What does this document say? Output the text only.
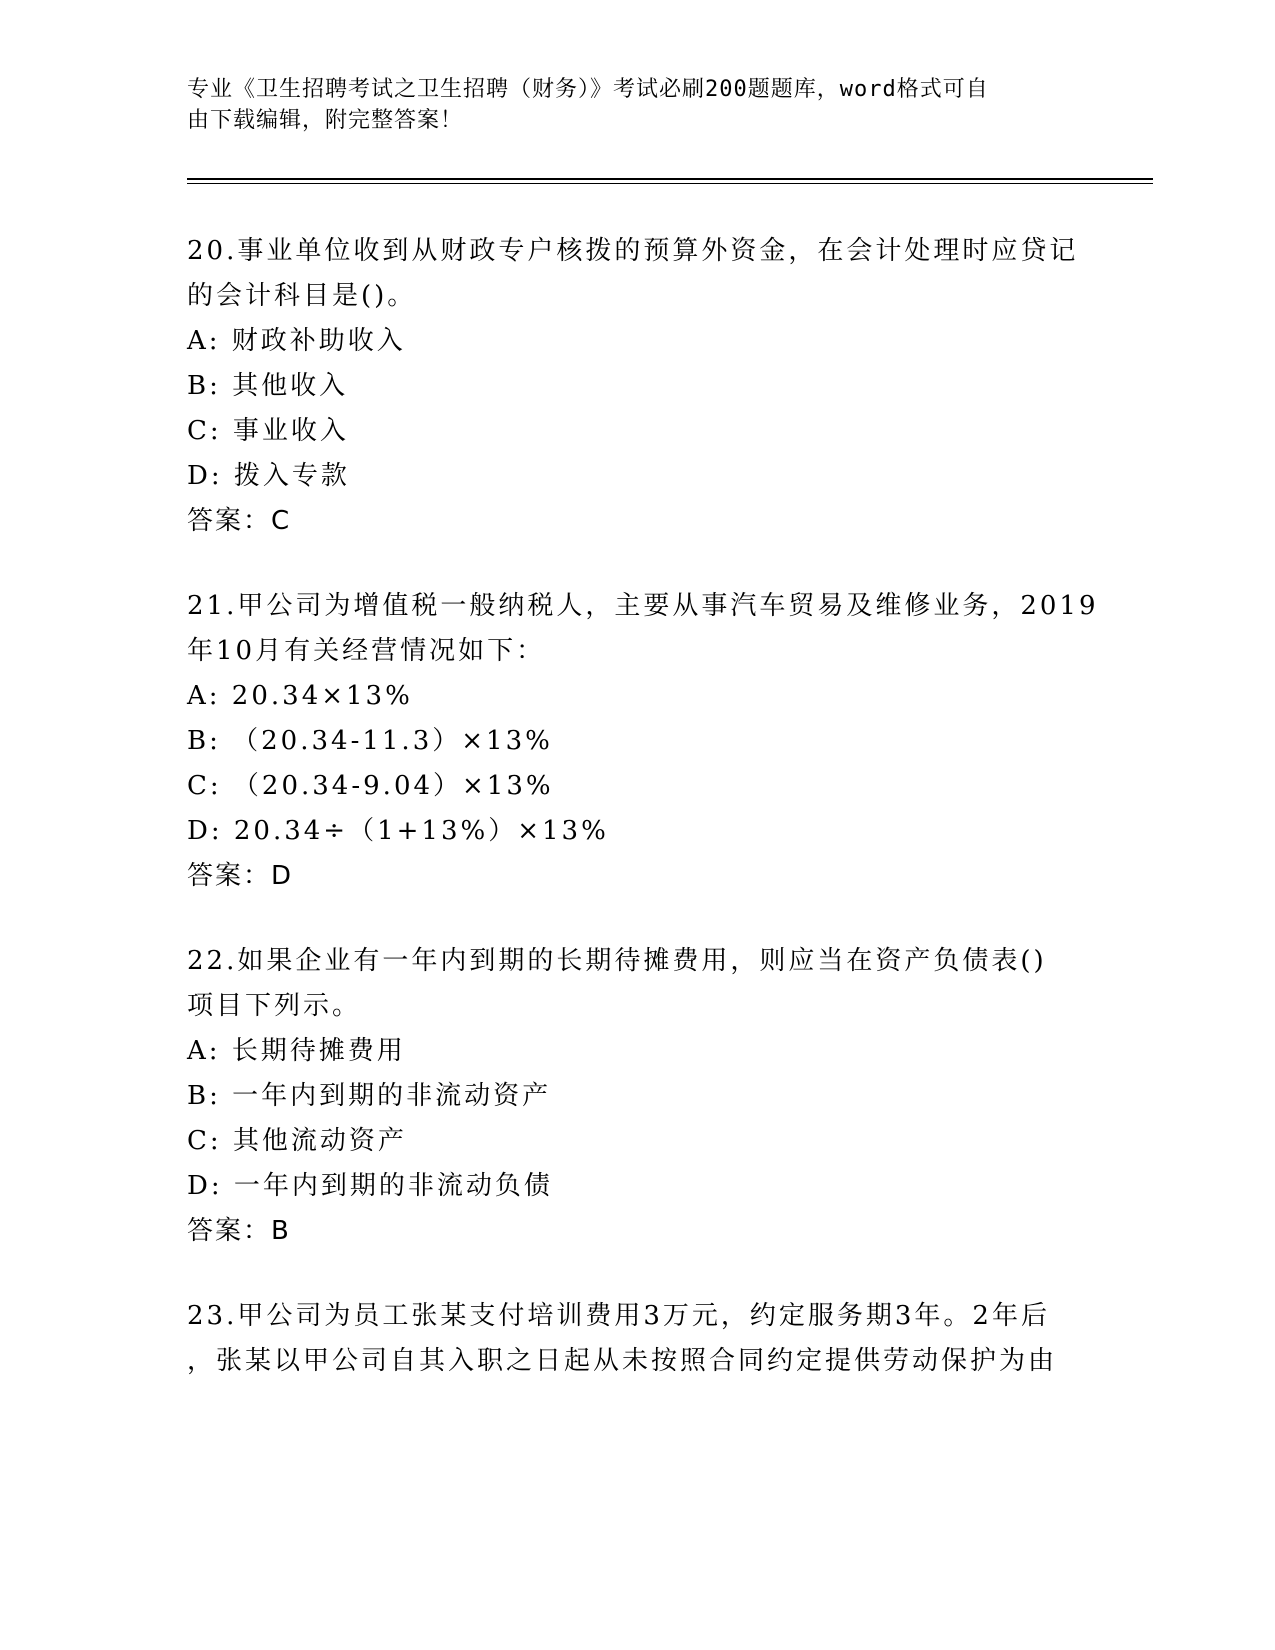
专业《卫生招聘考试之卫生招聘（财务）》考试必刷200题题库，word格式可自
由下载编辑，附完整答案！
20.事业单位收到从财政专户核拨的预算外资金，在会计处理时应贷记
的会计科目是()。
A: 财政补助收入
B: 其他收入
C: 事业收入
D: 拨入专款
答案：C
21.甲公司为增值税一般纳税人，主要从事汽车贸易及维修业务，2019
年10月有关经营情况如下：
A: 20.34×13%
B: （20.34-11.3）×13%
C: （20.34-9.04）×13%
D: 20.34÷（1+13%）×13%
答案：D
22.如果企业有一年内到期的长期待摊费用，则应当在资产负债表()
项目下列示。
A: 长期待摊费用
B: 一年内到期的非流动资产
C: 其他流动资产
D: 一年内到期的非流动负债
答案：B
23.甲公司为员工张某支付培训费用3万元，约定服务期3年。2年后
，张某以甲公司自其入职之日起从未按照合同约定提供劳动保护为由
